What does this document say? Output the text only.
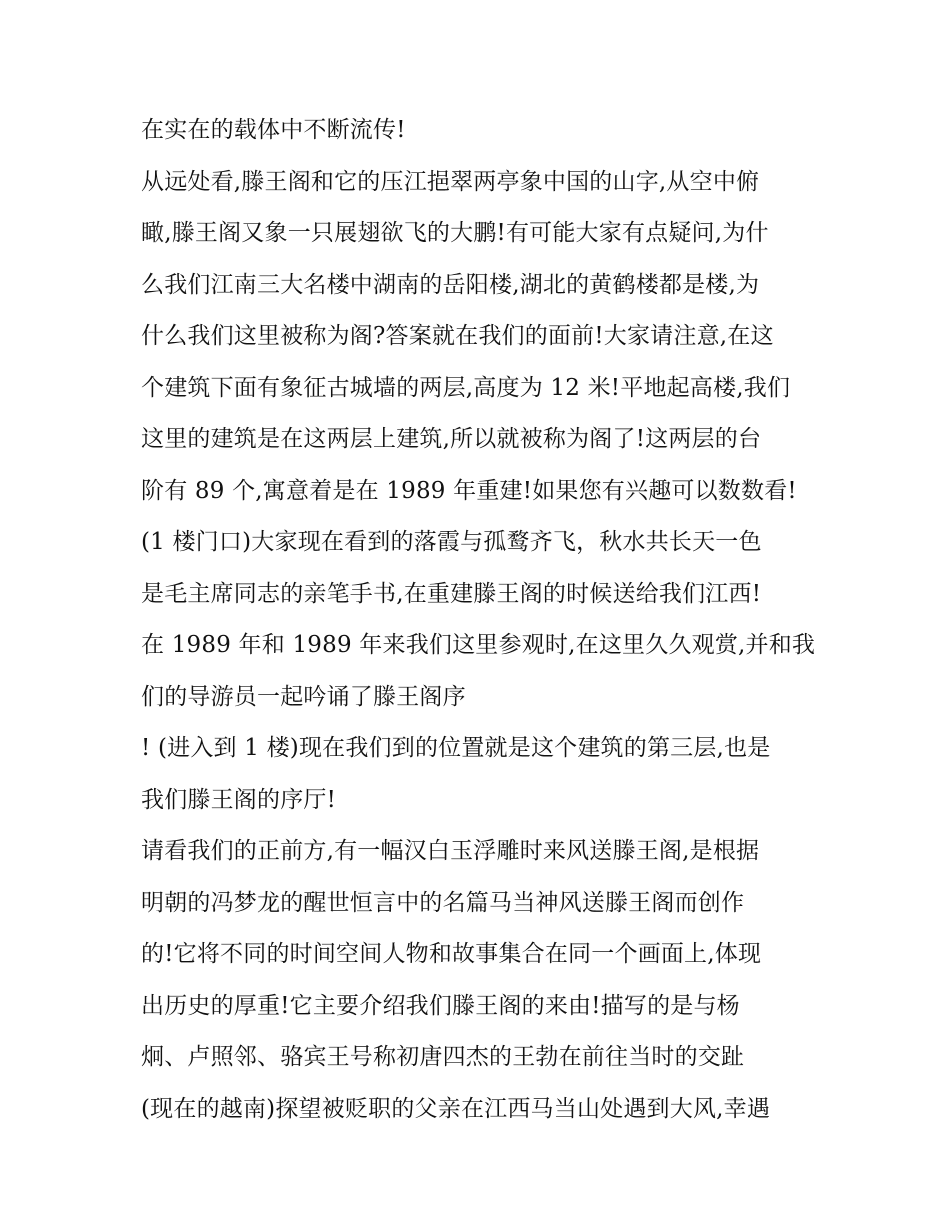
在实在的载体中不断流传!
从远处看,滕王阁和它的压江挹翠两亭象中国的山字,从空中俯
瞰,滕王阁又象一只展翅欲飞的大鹏!有可能大家有点疑问,为什
么我们江南三大名楼中湖南的岳阳楼,湖北的黄鹤楼都是楼,为
什么我们这里被称为阁?答案就在我们的面前!大家请注意,在这
个建筑下面有象征古城墙的两层,高度为 12 米!平地起高楼,我们
这里的建筑是在这两层上建筑,所以就被称为阁了!这两层的台
阶有 89 个,寓意着是在 1989 年重建!如果您有兴趣可以数数看!
(1 楼门口)大家现在看到的落霞与孤鹜齐飞，秋水共长天一色
是毛主席同志的亲笔手书,在重建滕王阁的时候送给我们江西!
在 1989 年和 1989 年来我们这里参观时,在这里久久观赏,并和我
们的导游员一起吟诵了滕王阁序
! (进入到 1 楼)现在我们到的位置就是这个建筑的第三层,也是
我们滕王阁的序厅!
请看我们的正前方,有一幅汉白玉浮雕时来风送滕王阁,是根据
明朝的冯梦龙的醒世恒言中的名篇马当神风送滕王阁而创作
的!它将不同的时间空间人物和故事集合在同一个画面上,体现
出历史的厚重!它主要介绍我们滕王阁的来由!描写的是与杨
炯、卢照邻、骆宾王号称初唐四杰的王勃在前往当时的交趾
(现在的越南)探望被贬职的父亲在江西马当山处遇到大风,幸遇
